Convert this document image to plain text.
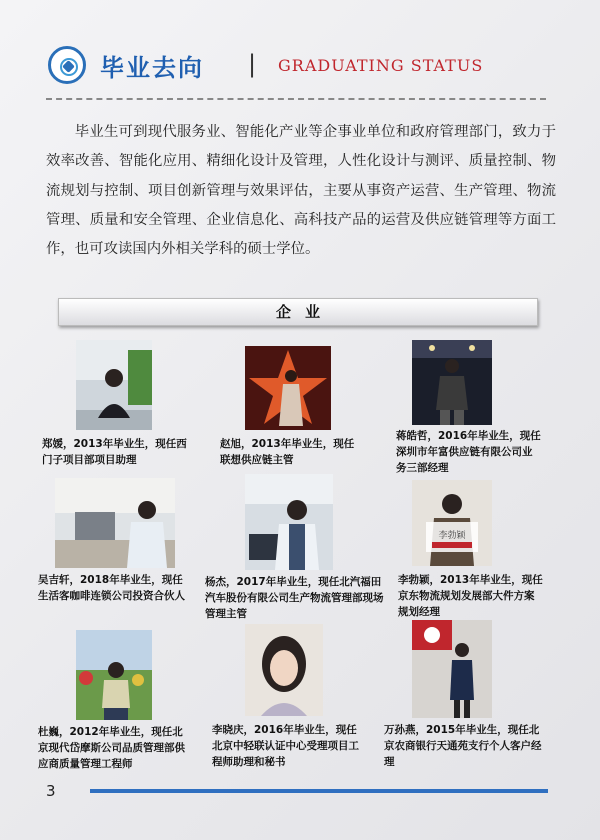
毕业去向 | GRADUATING STATUS

毕业生可到现代服务业、智能化产业等企事业单位和政府管理部门，致力于效率改善、智能化应用、精细化设计及管理，人性化设计与测评、质量控制、物流规划与控制、项目创新管理与效果评估，主要从事资产运营、生产管理、物流管理、质量和安全管理、企业信息化、高科技产品的运营及供应链管理等方面工作，也可攻读国内外相关学科的硕士学位。

企业

郑媛，2013年毕业生，现任西门子项目部项目助理

赵旭，2013年毕业生，现任联想供应链主管

蒋皓哲，2016年毕业生，现任深圳市年富供应链有限公司业务三部经理

吴吉轩，2018年毕业生，现任生活客咖啡连锁公司投资合伙人

杨杰，2017年毕业生，现任北汽福田汽车股份有限公司生产物流管理部现场管理主管

李勃颖

李勃颖，2013年毕业生，现任京东物流规划发展部大件方案规划经理

杜巍，2012年毕业生，现任北京现代岱摩斯公司品质管理部供应商质量管理工程师

李晓庆，2016年毕业生，现任北京中轻联认证中心受理项目工程师助理和秘书

万孙燕，2015年毕业生，现任北京农商银行天通苑支行个人客户经理

3
